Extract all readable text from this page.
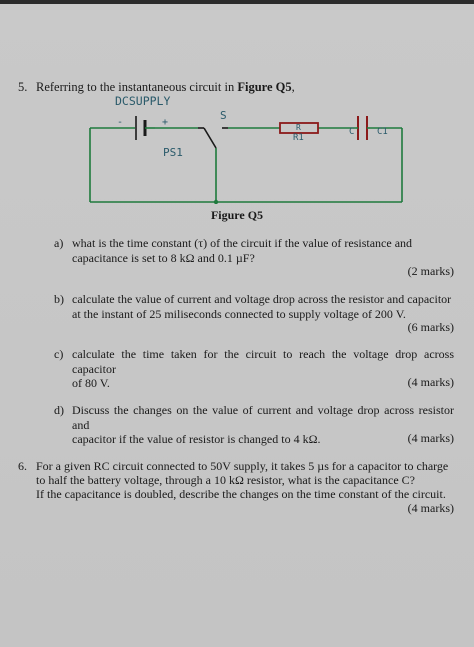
5. Referring to the instantaneous circuit in Figure Q5,
DCSUPPLY
-	+
PS1
S
R
R1
C	C1
Figure Q5
a) what is the time constant (τ) of the circuit if the value of resistance and
capacitance is set to 8 kΩ and 0.1 µF?
(2 marks)
b) calculate the value of current and voltage drop across the resistor and capacitor
at the instant of 25 miliseconds connected to supply voltage of 200 V.
(6 marks)
c) calculate the time taken for the circuit to reach the voltage drop across capacitor
of 80 V.	(4 marks)
d) Discuss the changes on the value of current and voltage drop across resistor and
capacitor if the value of resistor is changed to 4 kΩ.	(4 marks)
6. For a given RC circuit connected to 50V supply, it takes 5 µs for a capacitor to charge
to half the battery voltage, through a 10 kΩ resistor, what is the capacitance C?
If the capacitance is doubled, describe the changes on the time constant of the circuit.
(4 marks)
